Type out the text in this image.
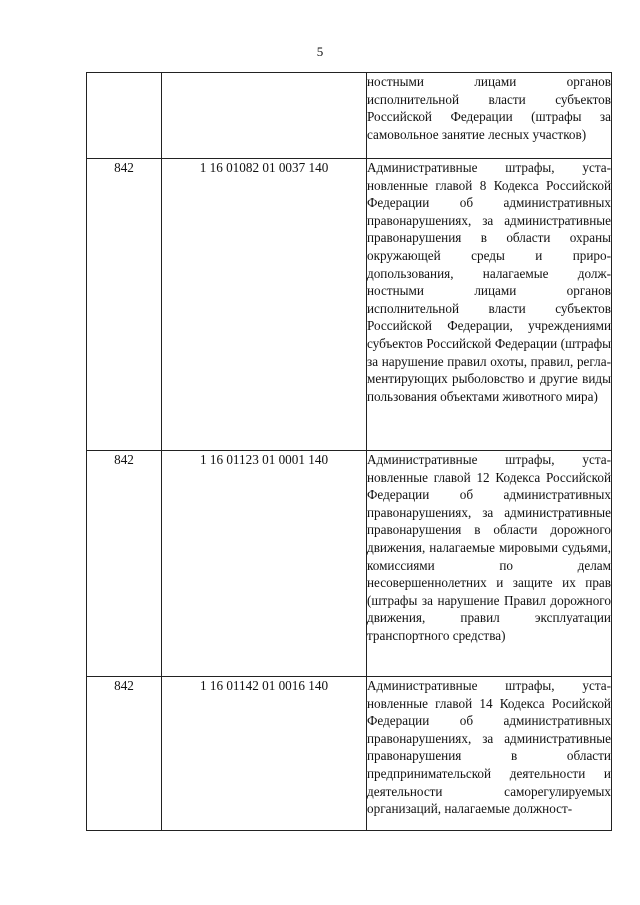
5
		ностными лицами органов исполнительной власти субъектов Российской Федерации (штрафы за самовольное занятие лесных участков)
842	1 16 01082 01 0037 140	Административные штрафы, установленные главой 8 Кодекса Российской Федерации об административных правонарушениях, за административные правонарушения в области охраны окружающей среды и природопользования, налагаемые должностными лицами органов исполнительной власти субъектов Российской Федерации, учреждениями субъектов Российской Федерации (штрафы за нарушение правил охоты, правил, регламентирующих рыболовство и другие виды пользования объектами животного мира)
842	1 16 01123 01 0001 140	Административные штрафы, установленные главой 12 Кодекса Российской Федерации об административных правонарушениях, за административные правонарушения в области дорожного движения, налагаемые мировыми судьями, комиссиями по делам несовершеннолетних и защите их прав (штрафы за нарушение Правил дорожного движения, правил эксплуатации транспортного средства)
842	1 16 01142 01 0016 140	Административные штрафы, установленные главой 14 Кодекса Росийской Федерации об административных правонарушениях, за административные правонарушения в области предпринимательской деятельности и деятельности саморегулируемых организаций, налагаемые должност-
